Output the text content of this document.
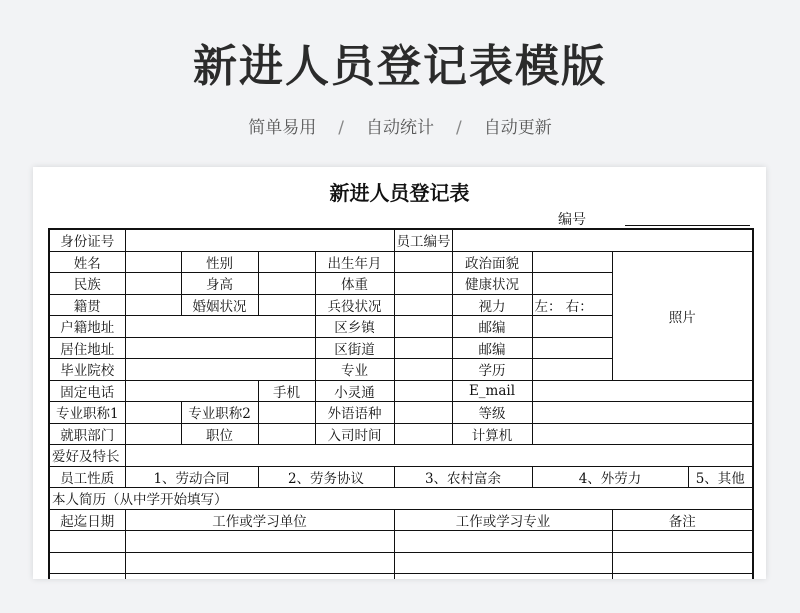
新进人员登记表模版
简单易用 / 自动统计 / 自动更新
新进人员登记表
编号
身份证号					员工编号				
姓名		性别		出生年月		政治面貌		照片	
民族		身高		体重		健康状况			
籍贯		婚姻状况		兵役状况		视力	左： 右：		
户籍地址				区乡镇		邮编			
居住地址				区街道		邮编			
毕业院校				专业		学历			
固定电话			手机	小灵通		E_mail			
专业职称1		专业职称2		外语语种		等级			
就职部门		职位		入司时间		计算机			
爱好及特长									
员工性质	1、劳动合同		2、劳务协议		3、农村富余		4、外劳力		5、其他
本人简历（从中学开始填写）									
起迄日期	工作或学习单位				工作或学习专业			备注	
